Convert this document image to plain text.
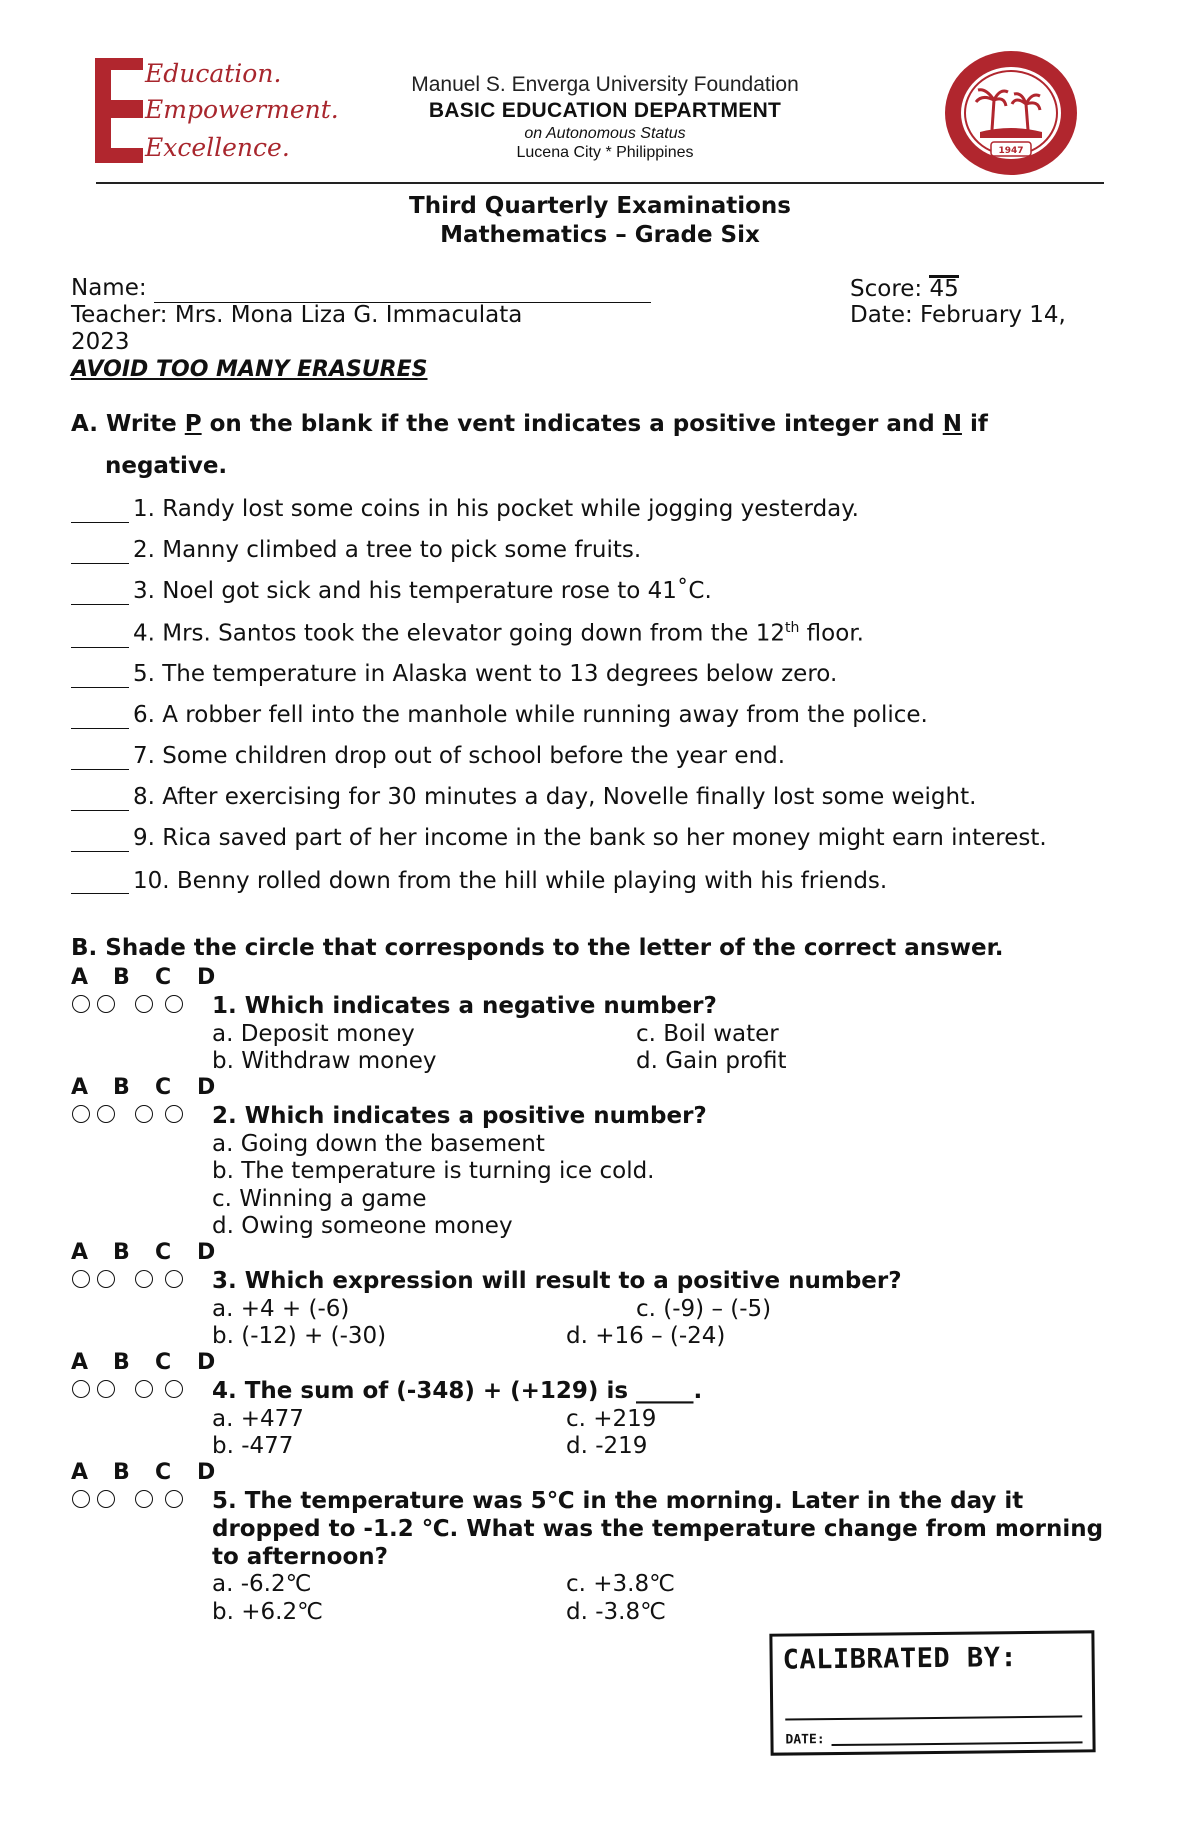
Education.
Empowerment.
Excellence.
Manuel S. Enverga University Foundation
BASIC EDUCATION DEPARTMENT
on Autonomous Status
Lucena City * Philippines	1947
Third Quarterly Examinations
Mathematics – Grade Six
Name:	Score: 45
Teacher: Mrs. Mona Liza G. Immaculata	Date: February 14,
2023
AVOID TOO MANY ERASURES
A. Write P on the blank if the vent indicates a positive integer and N if
negative.
1. Randy lost some coins in his pocket while jogging yesterday.
2. Manny climbed a tree to pick some fruits.
3. Noel got sick and his temperature rose to 41˚C.
4. Mrs. Santos took the elevator going down from the 12th floor.
5. The temperature in Alaska went to 13 degrees below zero.
6. A robber fell into the manhole while running away from the police.
7. Some children drop out of school before the year end.
8. After exercising for 30 minutes a day, Novelle finally lost some weight.
9. Rica saved part of her income in the bank so her money might earn interest.
10. Benny rolled down from the hill while playing with his friends.
B. Shade the circle that corresponds to the letter of the correct answer.
A B C D
1. Which indicates a negative number?
a. Deposit money
b. Withdraw money
c. Boil water
d. Gain profit
A B C D
2. Which indicates a positive number?
a. Going down the basement
b. The temperature is turning ice cold.
c. Winning a game
d. Owing someone money
A B C D
3. Which expression will result to a positive number?
a. +4 + (-6)
b. (-12) + (-30)
c. (-9) – (-5)
d. +16 – (-24)
A B C D
4. The sum of (-348) + (+129) is _____.
a. +477
b. -477
c. +219
d. -219
A B C D
5. The temperature was 5℃ in the morning. Later in the day it dropped to -1.2 ℃. What was the temperature change from morning to afternoon?
a. -6.2℃
b. +6.2℃
c. +3.8℃
d. -3.8℃
CALIBRATED BY:
DATE:
